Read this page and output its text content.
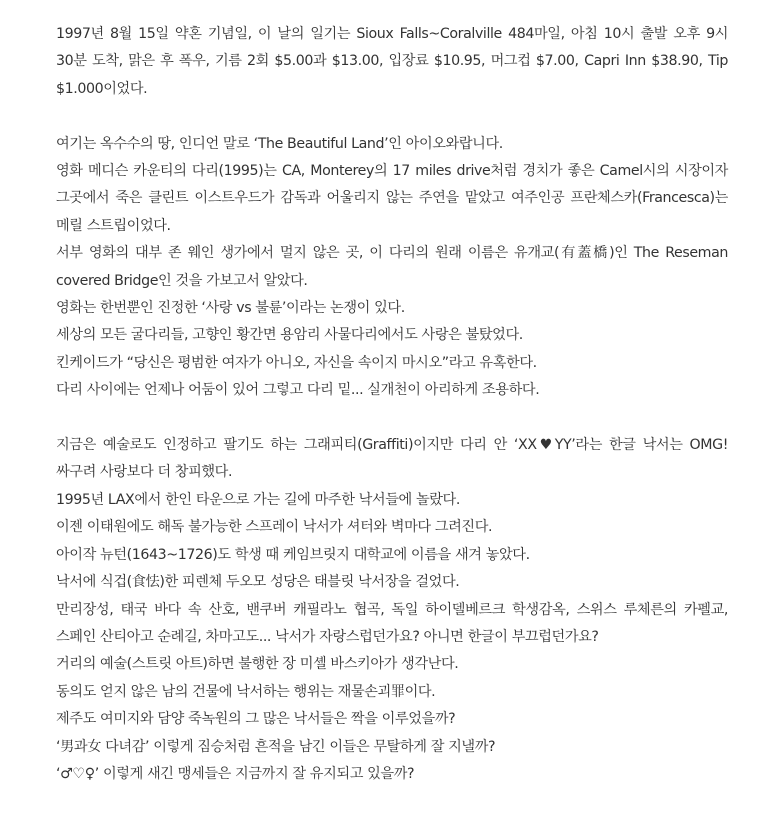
1997년 8월 15일 약혼 기념일, 이 날의 일기는 Sioux Falls~Coralville 484마일, 아침 10시 출발 오후 9시 30분 도착, 맑은 후 폭우, 기름 2회 $5.00과 $13.00, 입장료 $10.95, 머그컵 $7.00, Capri Inn $38.90, Tip $1.000이었다.

여기는 옥수수의 땅, 인디언 말로 ‘The Beautiful Land’인 아이오와랍니다.

영화 메디슨 카운티의 다리(1995)는 CA, Monterey의 17 miles drive처럼 경치가 좋은 Camel시의 시장이자 그곳에서 죽은 클린트 이스트우드가 감독과 어울리지 않는 주연을 맡았고 여주인공 프란체스카(Francesca)는 메릴 스트립이었다.

서부 영화의 대부 존 웨인 생가에서 멀지 않은 곳, 이 다리의 원래 이름은 유개교(有蓋橋)인 The Reseman covered Bridge인 것을 가보고서 알았다.

영화는 한번뿐인 진정한 ‘사랑 vs 불륜’이라는 논쟁이 있다.

세상의 모든 굴다리들, 고향인 황간면 용암리 사물다리에서도 사랑은 불탔었다.

킨케이드가 “당신은 평범한 여자가 아니오, 자신을 속이지 마시오”라고 유혹한다.

다리 사이에는 언제나 어둠이 있어 그렇고 다리 밑... 실개천이 아리하게 조용하다.

지금은 예술로도 인정하고 팔기도 하는 그래피티(Graffiti)이지만 다리 안 ‘XX♥YY’라는 한글 낙서는 OMG! 싸구려 사랑보다 더 창피했다.

1995년 LAX에서 한인 타운으로 가는 길에 마주한 낙서들에 놀랐다.

이젠 이태원에도 해독 불가능한 스프레이 낙서가 셔터와 벽마다 그려진다.

아이작 뉴턴(1643~1726)도 학생 때 케임브릿지 대학교에 이름을 새겨 놓았다.

낙서에 식겁(食怯)한 피렌체 두오모 성당은 태블릿 낙서장을 걸었다.

만리장성, 태국 바다 속 산호, 밴쿠버 캐필라노 협곡, 독일 하이델베르크 학생감옥, 스위스 루체른의 카펠교, 스페인 산티아고 순례길, 차마고도... 낙서가 자랑스럽던가요? 아니면 한글이 부끄럽던가요?

거리의 예술(스트릿 아트)하면 불행한 장 미셸 바스키아가 생각난다.

동의도 얻지 않은 남의 건물에 낙서하는 행위는 재물손괴罪이다.

제주도 여미지와 담양 죽녹원의 그 많은 낙서들은 짝을 이루었을까?

‘男과女 다녀감’ 이렇게 짐승처럼 흔적을 남긴 이들은 무탈하게 잘 지낼까?

‘♂♡♀’ 이렇게 새긴 맹세들은 지금까지 잘 유지되고 있을까?
